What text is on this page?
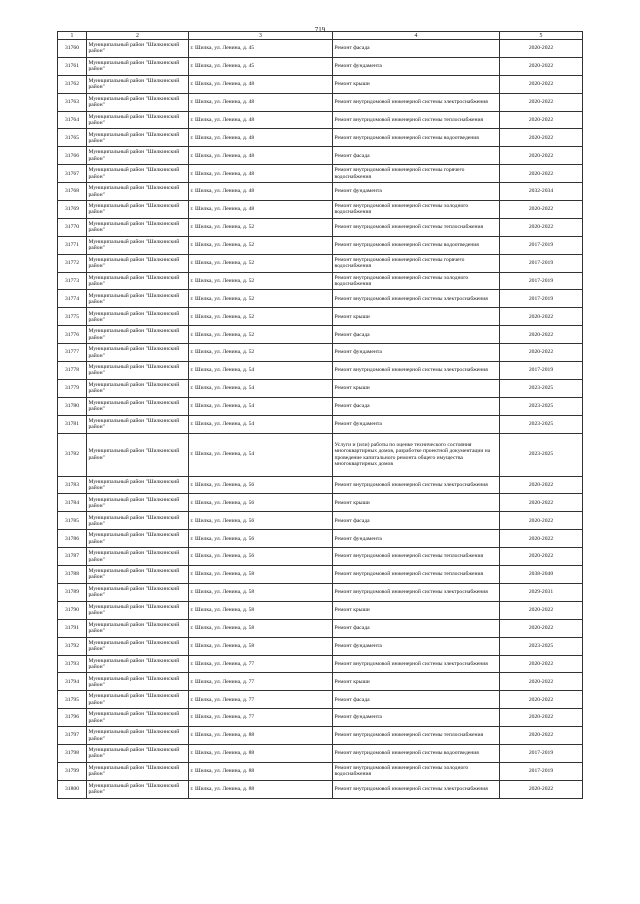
719
1	2	3	4	5
31760	Муниципальный район "Шилкинский район"	г. Шилка, ул. Ленина, д. 45	Ремонт фасада	2020-2022
31761	Муниципальный район "Шилкинский район"	г. Шилка, ул. Ленина, д. 45	Ремонт фундамента	2020-2022
31762	Муниципальный район "Шилкинский район"	г. Шилка, ул. Ленина, д. 48	Ремонт крыши	2020-2022
31763	Муниципальный район "Шилкинский район"	г. Шилка, ул. Ленина, д. 48	Ремонт внутридомовой инженерной системы электроснабжения	2020-2022
31764	Муниципальный район "Шилкинский район"	г. Шилка, ул. Ленина, д. 48	Ремонт внутридомовой инженерной системы теплоснабжения	2020-2022
31765	Муниципальный район "Шилкинский район"	г. Шилка, ул. Ленина, д. 48	Ремонт внутридомовой инженерной системы водоотведения	2020-2022
31766	Муниципальный район "Шилкинский район"	г. Шилка, ул. Ленина, д. 48	Ремонт фасада	2020-2022
31767	Муниципальный район "Шилкинский район"	г. Шилка, ул. Ленина, д. 48	Ремонт внутридомовой инженерной системы горячего водоснабжения	2020-2022
31768	Муниципальный район "Шилкинский район"	г. Шилка, ул. Ленина, д. 48	Ремонт фундамента	2032-2034
31769	Муниципальный район "Шилкинский район"	г. Шилка, ул. Ленина, д. 48	Ремонт внутридомовой инженерной системы холодного водоснабжения	2020-2022
31770	Муниципальный район "Шилкинский район"	г. Шилка, ул. Ленина, д. 52	Ремонт внутридомовой инженерной системы теплоснабжения	2020-2022
31771	Муниципальный район "Шилкинский район"	г. Шилка, ул. Ленина, д. 52	Ремонт внутридомовой инженерной системы водоотведения	2017-2019
31772	Муниципальный район "Шилкинский район"	г. Шилка, ул. Ленина, д. 52	Ремонт внутридомовой инженерной системы горячего водоснабжения	2017-2019
31773	Муниципальный район "Шилкинский район"	г. Шилка, ул. Ленина, д. 52	Ремонт внутридомовой инженерной системы холодного водоснабжения	2017-2019
31774	Муниципальный район "Шилкинский район"	г. Шилка, ул. Ленина, д. 52	Ремонт внутридомовой инженерной системы электроснабжения	2017-2019
31775	Муниципальный район "Шилкинский район"	г. Шилка, ул. Ленина, д. 52	Ремонт крыши	2020-2022
31776	Муниципальный район "Шилкинский район"	г. Шилка, ул. Ленина, д. 52	Ремонт фасада	2020-2022
31777	Муниципальный район "Шилкинский район"	г. Шилка, ул. Ленина, д. 52	Ремонт фундамента	2020-2022
31778	Муниципальный район "Шилкинский район"	г. Шилка, ул. Ленина, д. 54	Ремонт внутридомовой инженерной системы электроснабжения	2017-2019
31779	Муниципальный район "Шилкинский район"	г. Шилка, ул. Ленина, д. 54	Ремонт крыши	2023-2025
31780	Муниципальный район "Шилкинский район"	г. Шилка, ул. Ленина, д. 54	Ремонт фасада	2023-2025
31781	Муниципальный район "Шилкинский район"	г. Шилка, ул. Ленина, д. 54	Ремонт фундамента	2023-2025
31782	Муниципальный район "Шилкинский район"	г. Шилка, ул. Ленина, д. 54	Услуги и (или) работы по оценке технического состояния многоквартирных домов, разработке проектной документации на проведение капитального ремонта общего имущества многоквартирных домов	2023-2025
31783	Муниципальный район "Шилкинский район"	г. Шилка, ул. Ленина, д. 56	Ремонт внутридомовой инженерной системы электроснабжения	2020-2022
31784	Муниципальный район "Шилкинский район"	г. Шилка, ул. Ленина, д. 56	Ремонт крыши	2020-2022
31785	Муниципальный район "Шилкинский район"	г. Шилка, ул. Ленина, д. 56	Ремонт фасада	2020-2022
31786	Муниципальный район "Шилкинский район"	г. Шилка, ул. Ленина, д. 56	Ремонт фундамента	2020-2022
31787	Муниципальный район "Шилкинский район"	г. Шилка, ул. Ленина, д. 56	Ремонт внутридомовой инженерной системы теплоснабжения	2020-2022
31788	Муниципальный район "Шилкинский район"	г. Шилка, ул. Ленина, д. 58	Ремонт внутридомовой инженерной системы теплоснабжения	2038-2040
31789	Муниципальный район "Шилкинский район"	г. Шилка, ул. Ленина, д. 58	Ремонт внутридомовой инженерной системы электроснабжения	2029-2031
31790	Муниципальный район "Шилкинский район"	г. Шилка, ул. Ленина, д. 58	Ремонт крыши	2020-2022
31791	Муниципальный район "Шилкинский район"	г. Шилка, ул. Ленина, д. 58	Ремонт фасада	2020-2022
31792	Муниципальный район "Шилкинский район"	г. Шилка, ул. Ленина, д. 58	Ремонт фундамента	2023-2025
31793	Муниципальный район "Шилкинский район"	г. Шилка, ул. Ленина, д. 77	Ремонт внутридомовой инженерной системы электроснабжения	2020-2022
31794	Муниципальный район "Шилкинский район"	г. Шилка, ул. Ленина, д. 77	Ремонт крыши	2020-2022
31795	Муниципальный район "Шилкинский район"	г. Шилка, ул. Ленина, д. 77	Ремонт фасада	2020-2022
31796	Муниципальный район "Шилкинский район"	г. Шилка, ул. Ленина, д. 77	Ремонт фундамента	2020-2022
31797	Муниципальный район "Шилкинский район"	г. Шилка, ул. Ленина, д. 88	Ремонт внутридомовой инженерной системы теплоснабжения	2020-2022
31798	Муниципальный район "Шилкинский район"	г. Шилка, ул. Ленина, д. 88	Ремонт внутридомовой инженерной системы водоотведения	2017-2019
31799	Муниципальный район "Шилкинский район"	г. Шилка, ул. Ленина, д. 88	Ремонт внутридомовой инженерной системы холодного водоснабжения	2017-2019
31800	Муниципальный район "Шилкинский район"	г. Шилка, ул. Ленина, д. 88	Ремонт внутридомовой инженерной системы электроснабжения	2020-2022
